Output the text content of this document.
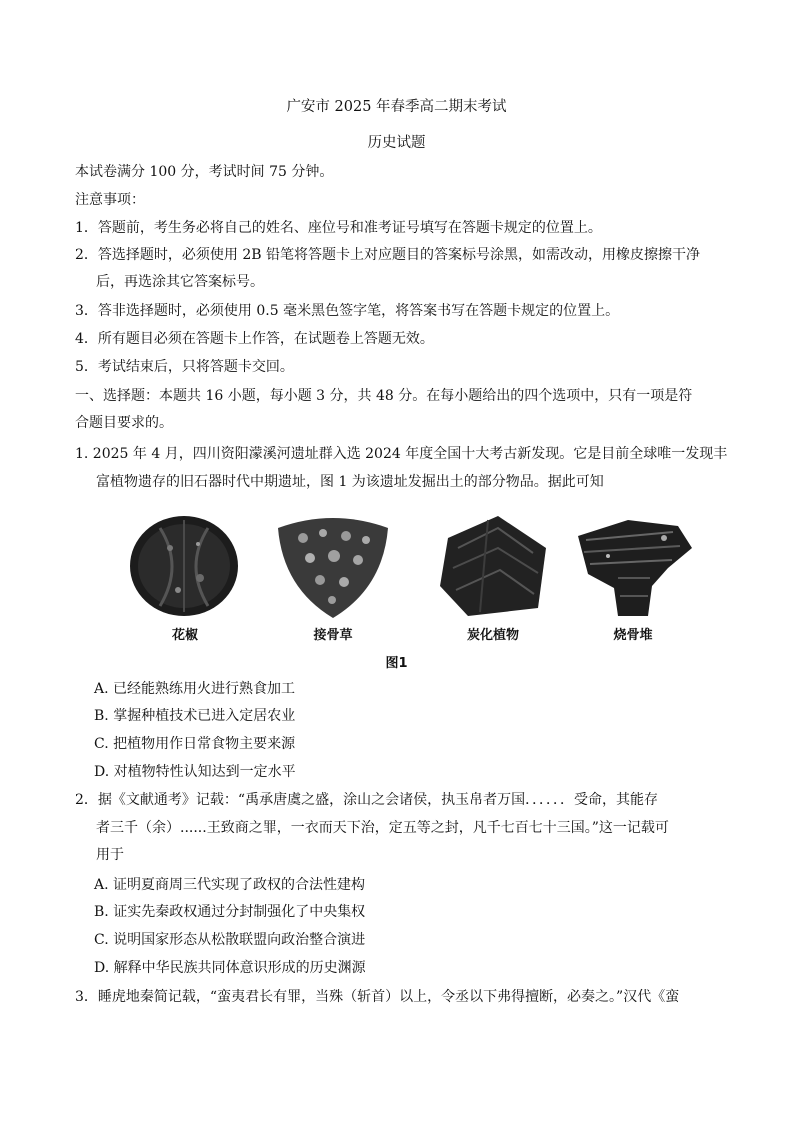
广安市 2025 年春季高二期末考试
历史试题
本试卷满分 100 分，考试时间 75 分钟。
注意事项：
1．答题前，考生务必将自己的姓名、座位号和准考证号填写在答题卡规定的位置上。
2．答选择题时，必须使用 2B 铅笔将答题卡上对应题目的答案标号涂黑，如需改动，用橡皮擦擦干净
后，再选涂其它答案标号。
3．答非选择题时，必须使用 0.5 毫米黑色签字笔，将答案书写在答题卡规定的位置上。
4．所有题目必须在答题卡上作答，在试题卷上答题无效。
5．考试结束后，只将答题卡交回。
一、选择题：本题共 16 小题，每小题 3 分，共 48 分。在每小题给出的四个选项中，只有一项是符
合题目要求的。
1. 2025 年 4 月，四川资阳濛溪河遗址群入选 2024 年度全国十大考古新发现。它是目前全球唯一发现丰
富植物遗存的旧石器时代中期遗址，图 1 为该遗址发掘出土的部分物品。据此可知
花椒	接骨草	炭化植物	烧骨堆
图1
A. 已经能熟练用火进行熟食加工
B. 掌握种植技术已进入定居农业
C. 把植物用作日常食物主要来源
D. 对植物特性认知达到一定水平
2．据《文献通考》记载：“禹承唐虞之盛，涂山之会诸侯，执玉帛者万国．．．．．．受命，其能存
者三千（余）......王致商之罪，一衣而天下治，定五等之封，凡千七百七十三国。”这一记载可
用于
A. 证明夏商周三代实现了政权的合法性建构
B. 证实先秦政权通过分封制强化了中央集权
C. 说明国家形态从松散联盟向政治整合演进
D. 解释中华民族共同体意识形成的历史渊源
3．睡虎地秦简记载，“蛮夷君长有罪，当殊（斩首）以上，令丞以下弗得擅断，必奏之。”汉代《蛮
